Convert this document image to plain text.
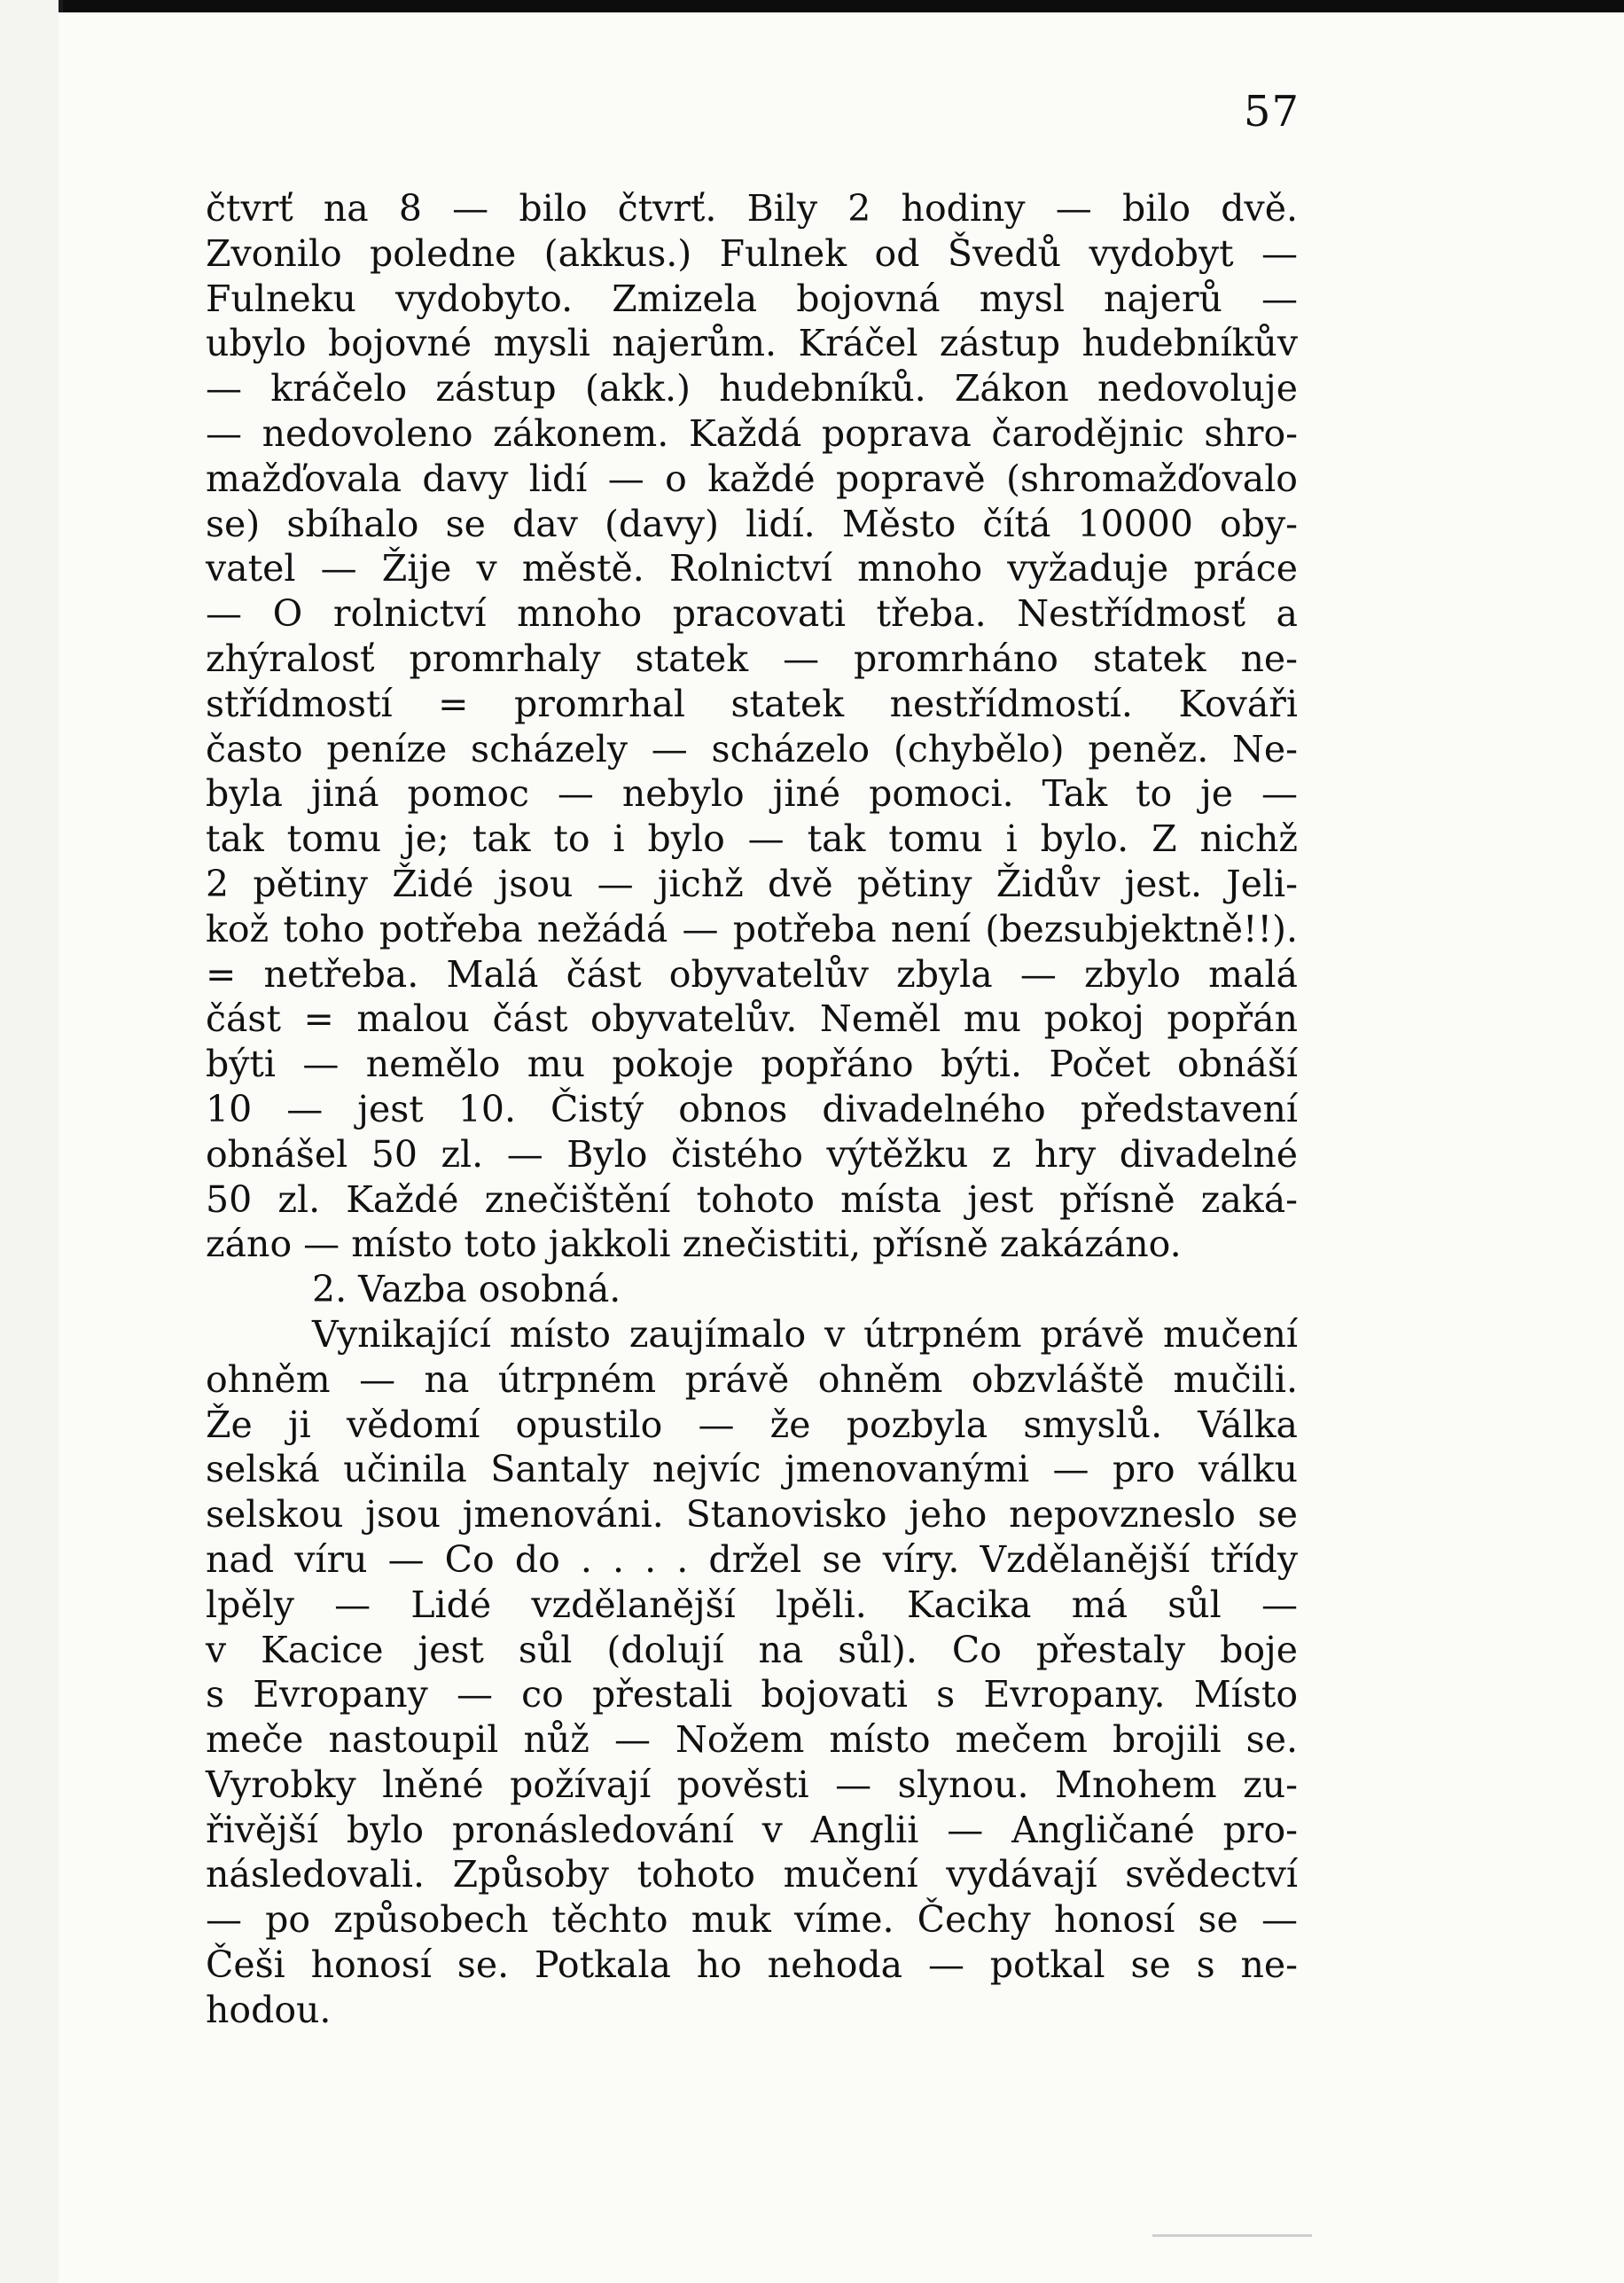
57
čtvrť na 8 — bilo čtvrť. Bily 2 hodiny — bilo dvě.
Zvonilo poledne (akkus.) Fulnek od Švedů vydobyt —
Fulneku vydobyto. Zmizela bojovná mysl najerů —
ubylo bojovné mysli najerům. Kráčel zástup hudebníkův
— kráčelo zástup (akk.) hudebníků. Zákon nedovoluje
— nedovoleno zákonem. Každá poprava čarodějnic shro-
mažďovala davy lidí — o každé popravě (shromažďovalo
se) sbíhalo se dav (davy) lidí. Město čítá 10000 oby-
vatel — Žije v městě. Rolnictví mnoho vyžaduje práce
— O rolnictví mnoho pracovati třeba. Nestřídmosť a
zhýralosť promrhaly statek — promrháno statek ne-
střídmostí = promrhal statek nestřídmostí. Kováři
často peníze scházely — scházelo (chybělo) peněz. Ne-
byla jiná pomoc — nebylo jiné pomoci. Tak to je —
tak tomu je; tak to i bylo — tak tomu i bylo. Z nichž
2 pětiny Židé jsou — jichž dvě pětiny Židův jest. Jeli-
kož toho potřeba nežádá — potřeba není (bezsubjektně!!).
= netřeba. Malá část obyvatelův zbyla — zbylo malá
část = malou část obyvatelův. Neměl mu pokoj popřán
býti — nemělo mu pokoje popřáno býti. Počet obnáší
10 — jest 10. Čistý obnos divadelného představení
obnášel 50 zl. — Bylo čistého výtěžku z hry divadelné
50 zl. Každé znečištění tohoto místa jest přísně zaká-
záno — místo toto jakkoli znečistiti, přísně zakázáno.
2. Vazba osobná.
Vynikající místo zaujímalo v útrpném právě mučení
ohněm — na útrpném právě ohněm obzvláště mučili.
Že ji vědomí opustilo — že pozbyla smyslů. Válka
selská učinila Santaly nejvíc jmenovanými — pro válku
selskou jsou jmenováni. Stanovisko jeho nepovzneslo se
nad víru — Co do . . . . držel se víry. Vzdělanější třídy
lpěly — Lidé vzdělanější lpěli. Kacika má sůl —
v Kacice jest sůl (dolují na sůl). Co přestaly boje
s Evropany — co přestali bojovati s Evropany. Místo
meče nastoupil nůž — Nožem místo mečem brojili se.
Vyrobky lněné požívají pověsti — slynou. Mnohem zu-
řivější bylo pronásledování v Anglii — Angličané pro-
následovali. Způsoby tohoto mučení vydávají svědectví
— po způsobech těchto muk víme. Čechy honosí se —
Češi honosí se. Potkala ho nehoda — potkal se s ne-
hodou.
